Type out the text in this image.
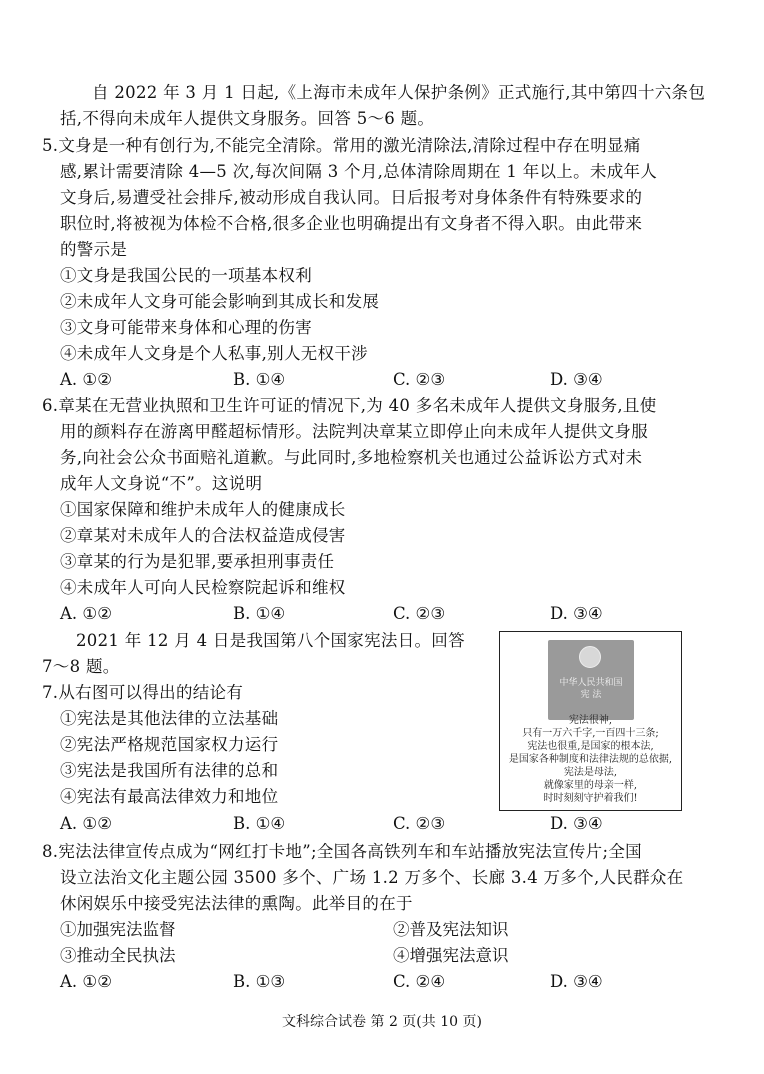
自 2022 年 3 月 1 日起,《上海市未成年人保护条例》正式施行,其中第四十六条包
括,不得向未成年人提供文身服务。回答 5～6 题。
5.文身是一种有创行为,不能完全清除。常用的激光清除法,清除过程中存在明显痛
感,累计需要清除 4—5 次,每次间隔 3 个月,总体清除周期在 1 年以上。未成年人
文身后,易遭受社会排斥,被动形成自我认同。日后报考对身体条件有特殊要求的
职位时,将被视为体检不合格,很多企业也明确提出有文身者不得入职。由此带来
的警示是
①文身是我国公民的一项基本权利
②未成年人文身可能会影响到其成长和发展
③文身可能带来身体和心理的伤害
④未成年人文身是个人私事,别人无权干涉
A. ①②	B. ①④	C. ②③	D. ③④
6.章某在无营业执照和卫生许可证的情况下,为 40 多名未成年人提供文身服务,且使
用的颜料存在游离甲醛超标情形。法院判决章某立即停止向未成年人提供文身服
务,向社会公众书面赔礼道歉。与此同时,多地检察机关也通过公益诉讼方式对未
成年人文身说“不”。这说明
①国家保障和维护未成年人的健康成长
②章某对未成年人的合法权益造成侵害
③章某的行为是犯罪,要承担刑事责任
④未成年人可向人民检察院起诉和维权
A. ①②	B. ①④	C. ②③	D. ③④
2021 年 12 月 4 日是我国第八个国家宪法日。回答
7～8 题。
7.从右图可以得出的结论有
①宪法是其他法律的立法基础
②宪法严格规范国家权力运行
③宪法是我国所有法律的总和
④宪法有最高法律效力和地位
A. ①②	B. ①④	C. ②③	D. ③④
中华人民共和国
宪 法
宪法很神,
只有一万六千字,一百四十三条;
宪法也很重,是国家的根本法,
是国家各种制度和法律法规的总依据,
宪法是母法,
就像家里的母亲一样,
时时刻刻守护着我们!
8.宪法法律宣传点成为“网红打卡地”;全国各高铁列车和车站播放宪法宣传片;全国
设立法治文化主题公园 3500 多个、广场 1.2 万多个、长廊 3.4 万多个,人民群众在
休闲娱乐中接受宪法法律的熏陶。此举目的在于
①加强宪法监督	②普及宪法知识
③推动全民执法	④增强宪法意识
A. ①②	B. ①③	C. ②④	D. ③④
文科综合试卷 第 2 页(共 10 页)
